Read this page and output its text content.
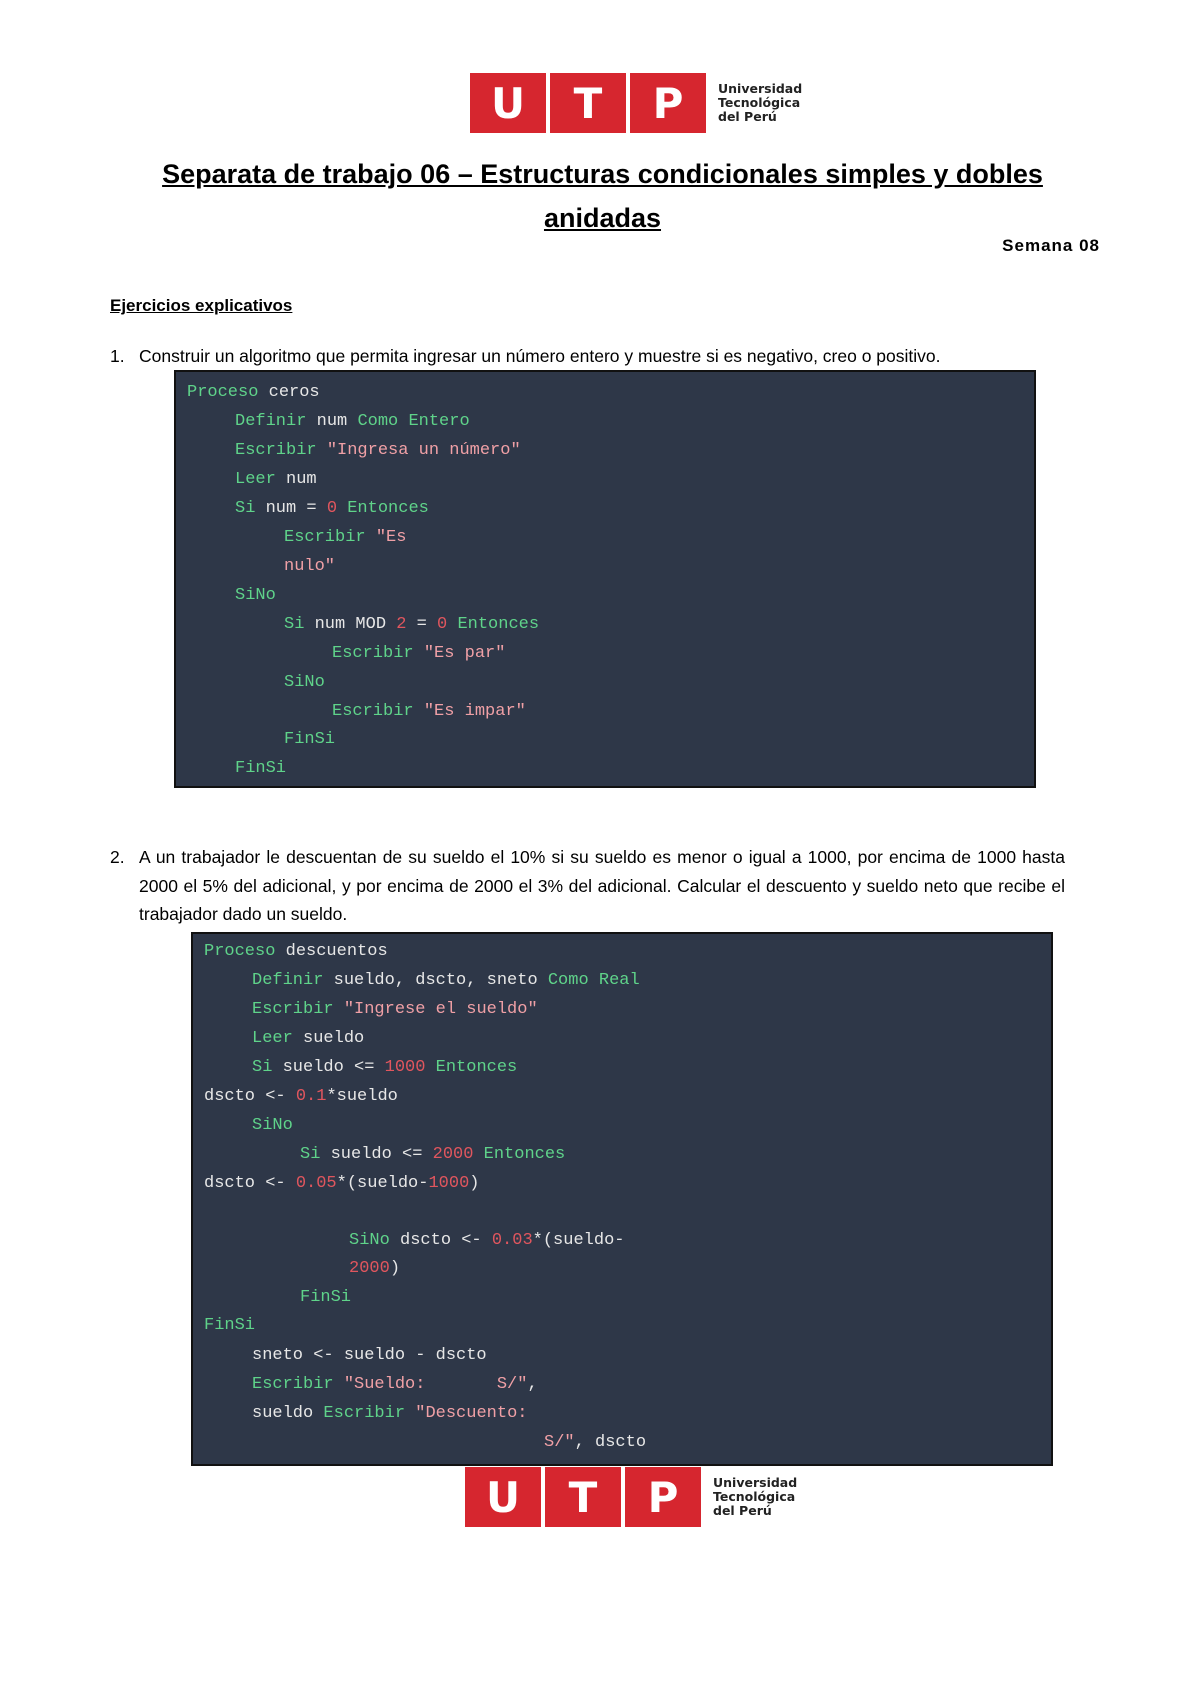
U	T	P	Universidad
Tecnológica
del Perú
Separata de trabajo 06 – Estructuras condicionales simples y dobles anidadas
Semana 08
Ejercicios explicativos
1. Construir un algoritmo que permita ingresar un número entero y muestre si es negativo, creo o positivo.
Proceso ceros
Definir num Como Entero
Escribir "Ingresa un número"
Leer num
Si num = 0 Entonces
Escribir "Es
nulo"
SiNo
Si num MOD 2 = 0 Entonces
Escribir "Es par"
SiNo
Escribir "Es impar"
FinSi
FinSi
2. A un trabajador le descuentan de su sueldo el 10% si su sueldo es menor o igual a 1000, por encima de 1000 hasta 2000 el 5% del adicional, y por encima de 2000 el 3% del adicional. Calcular el descuento y sueldo neto que recibe el trabajador dado un sueldo.
Proceso descuentos
Definir sueldo, dscto, sneto Como Real
Escribir "Ingrese el sueldo"
Leer sueldo
Si sueldo <= 1000 Entonces
dscto <- 0.1*sueldo
SiNo
Si sueldo <= 2000 Entonces
dscto <- 0.05*(sueldo-1000)
SiNo dscto <- 0.03*(sueldo-
2000)
FinSi
FinSi
sneto <- sueldo - dscto
Escribir "Sueldo:       S/",
sueldo Escribir "Descuento:
S/", dscto
U	T	P	Universidad
Tecnológica
del Perú
